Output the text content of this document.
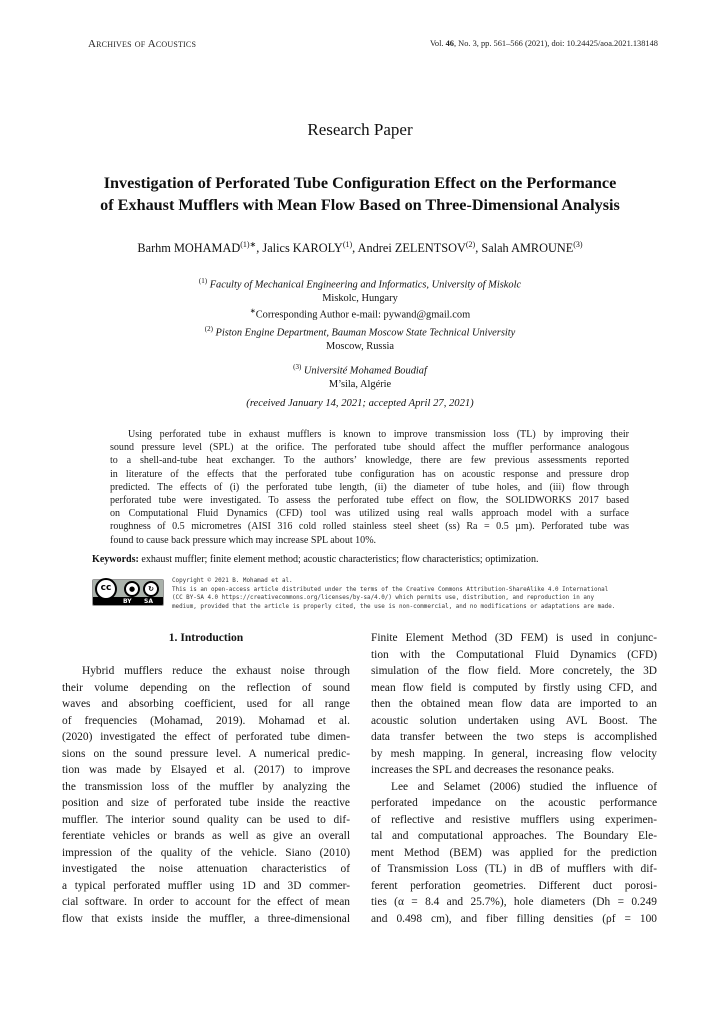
Archives of Acoustics	Vol. 46, No. 3, pp. 561–566 (2021), doi: 10.24425/aoa.2021.138148
Research Paper
Investigation of Perforated Tube Configuration Effect on the Performance
of Exhaust Mufflers with Mean Flow Based on Three-Dimensional Analysis
Barhm $MOHAMAD^{(1)∗}$, Jalics KAROLY$^{(1)}$, Andrei ZELENTSOV$^{(2)}$, Salah AMROUNE$^{(3)}$
$^{(1)}$ Faculty of Mechanical Engineering and Informatics, University of Miskolc
Miskolc, Hungary
∗Corresponding Author e-mail: pywand@gmail.com
$^{(2)}$ Piston Engine Department, Bauman Moscow State Technical University
Moscow, Russia
$^{(3)}$ Université Mohamed Boudiaf
M’sila, Algérie
(received January 14, 2021; accepted April 27, 2021)
Using perforated tube in exhaust mufflers is known to improve transmission loss (TL) by improving their
sound pressure level (SPL) at the orifice. The perforated tube should affect the muffler performance analogous
to a shell-and-tube heat exchanger. To the authors’ knowledge, there are few previous assessments reported
in literature of the effects that the perforated tube configuration has on acoustic response and pressure drop
predicted. The effects of (i) the perforated tube length, (ii) the diameter of tube holes, and (iii) flow through
perforated tube were investigated. To assess the perforated tube effect on flow, the SOLIDWORKS 2017 based
on Computational Fluid Dynamics (CFD) tool was utilized using real walls approach model with a surface
roughness of 0.5 micrometres (AISI 316 cold rolled stainless steel sheet (ss) Ra = 0.5 µm). Perforated tube was
found to cause back pressure which may increase SPL about 10%.
Keywords: exhaust muffler; finite element method; acoustic characteristics; flow characteristics; optimization.
cc	●	↻
BY SA
Copyright © 2021 B. Mohamad et al.
This is an open-access article distributed under the terms of the Creative Commons Attribution-ShareAlike 4.0 International
(CC BY-SA 4.0 https://creativecommons.org/licenses/by-sa/4.0/) which permits use, distribution, and reproduction in any
medium, provided that the article is properly cited, the use is non-commercial, and no modifications or adaptations are made.
1. Introduction
Hybrid mufflers reduce the exhaust noise through
their volume depending on the reflection of sound
waves and absorbing coefficient, used for all range
of frequencies (Mohamad, 2019). Mohamad et al.
(2020) investigated the effect of perforated tube dimen-
sions on the sound pressure level. A numerical predic-
tion was made by Elsayed et al. (2017) to improve
the transmission loss of the muffler by analyzing the
position and size of perforated tube inside the reactive
muffler. The interior sound quality can be used to dif-
ferentiate vehicles or brands as well as give an overall
impression of the quality of the vehicle. Siano (2010)
investigated the noise attenuation characteristics of
a typical perforated muffler using 1D and 3D commer-
cial software. In order to account for the effect of mean
flow that exists inside the muffler, a three-dimensional
Finite Element Method (3D FEM) is used in conjunc-
tion with the Computational Fluid Dynamics (CFD)
simulation of the flow field. More concretely, the 3D
mean flow field is computed by firstly using CFD, and
then the obtained mean flow data are imported to an
acoustic solution undertaken using AVL Boost. The
data transfer between the two steps is accomplished
by mesh mapping. In general, increasing flow velocity
increases the SPL and decreases the resonance peaks.
Lee and Selamet (2006) studied the influence of
perforated impedance on the acoustic performance
of reflective and resistive mufflers using experimen-
tal and computational approaches. The Boundary Ele-
ment Method (BEM) was applied for the prediction
of Transmission Loss (TL) in dB of mufflers with dif-
ferent perforation geometries. Different duct porosi-
ties (α = 8.4 and 25.7%), hole diameters (Dh = 0.249
and 0.498 cm), and fiber filling densities (ρf = 100
